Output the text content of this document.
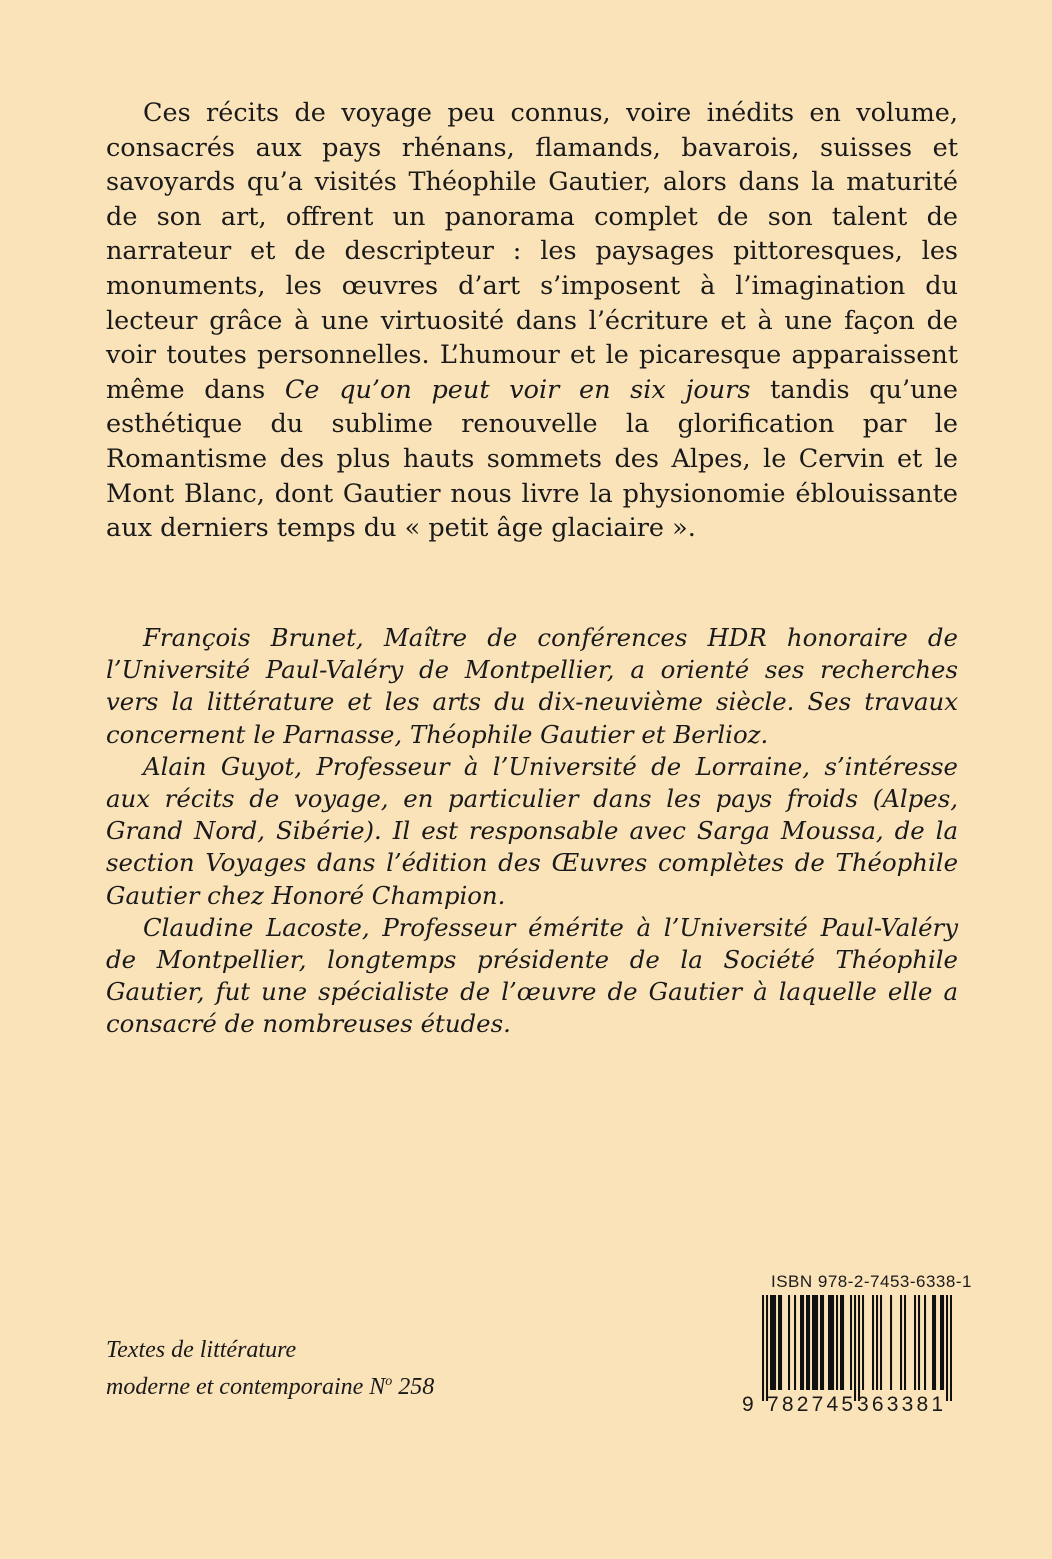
Ces récits de voyage peu connus, voire inédits en volume, consacrés aux pays rhénans, flamands, bavarois, suisses et savoyards qu’a visités Théophile Gautier, alors dans la maturité de son art, offrent un panorama complet de son talent de narrateur et de descripteur : les paysages pittoresques, les monuments, les œuvres d’art s’imposent à l’imagination du lecteur grâce à une virtuosité dans l’écriture et à une façon de voir toutes personnelles. L’humour et le picaresque apparaissent même dans Ce qu’on peut voir en six jours tandis qu’une esthétique du sublime renouvelle la glorification par le Romantisme des plus hauts sommets des Alpes, le Cervin et le Mont Blanc, dont Gautier nous livre la physionomie éblouissante aux derniers temps du « petit âge glaciaire ».

François Brunet, Maître de conférences HDR honoraire de l’Université Paul-Valéry de Montpellier, a orienté ses recherches vers la littérature et les arts du dix-neuvième siècle. Ses travaux concernent le Parnasse, Théophile Gautier et Berlioz.

Alain Guyot, Professeur à l’Université de Lorraine, s’intéresse aux récits de voyage, en particulier dans les pays froids (Alpes, Grand Nord, Sibérie). Il est responsable avec Sarga Moussa, de la section Voyages dans l’édition des Œuvres complètes de Théophile Gautier chez Honoré Champion.

Claudine Lacoste, Professeur émérite à l’Université Paul-Valéry de Montpellier, longtemps présidente de la Société Théophile Gautier, fut une spécialiste de l’œuvre de Gautier à laquelle elle a consacré de nombreuses études.

Textes de littérature
moderne et contemporaine $N^o$ 258
ISBN 978-2-7453-6338-1
9 782745 363381
